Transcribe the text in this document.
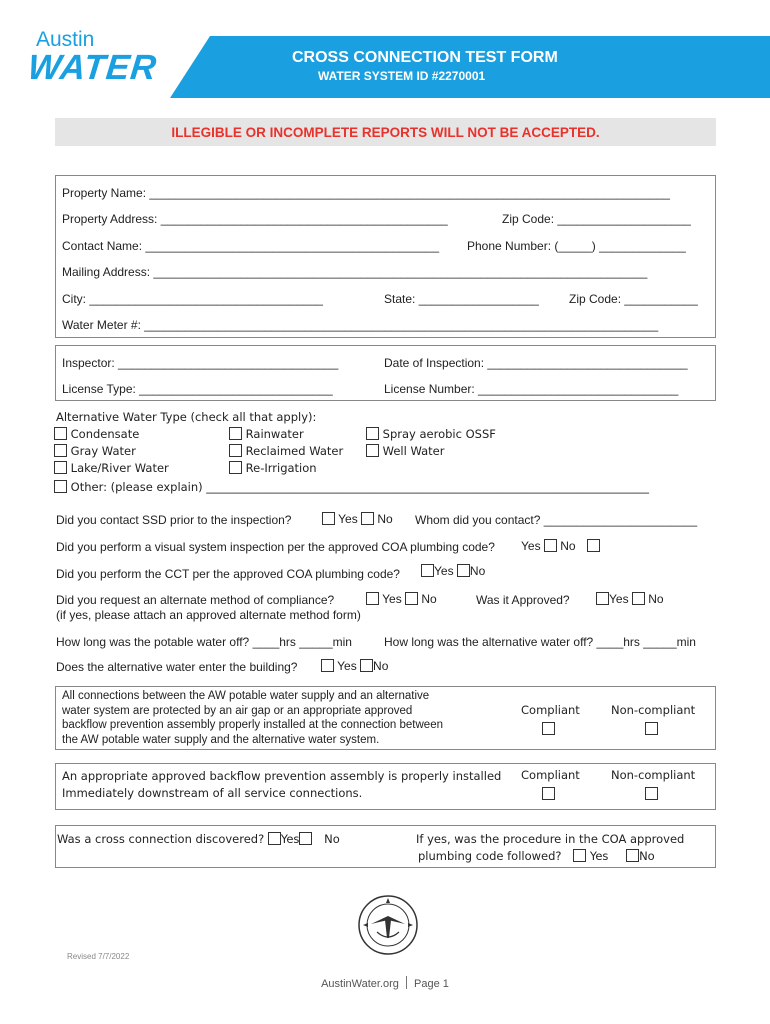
Austin
WATER	CROSS CONNECTION TEST FORM
WATER SYSTEM ID #2270001
ILLEGIBLE OR INCOMPLETE REPORTS WILL NOT BE ACCEPTED.
Property Name: ______________________________________________________________________________
Property Address: ___________________________________________	Zip Code: ____________________
Contact Name: ____________________________________________ Phone Number: (_____) _____________
Mailing Address: __________________________________________________________________________
City: ___________________________________	State: __________________	Zip Code: ___________
Water Meter #: _____________________________________________________________________________
Inspector: _________________________________	Date of Inspection: ______________________________
License Type: _____________________________	License Number: ______________________________
Alternative Water Type (check all that apply):
Condensate
Gray Water
Lake/River Water
Rainwater
Reclaimed Water
Re-Irrigation
Spray aerobic OSSF
Well Water
Other: (please explain) _____________________________________________________________________________
Did you contact SSD prior to the inspection?	Yes No Whom did you contact? _______________________
Did you perform a visual system inspection per the approved COA plumbing code? Yes No
Did you perform the CCT per the approved COA plumbing code?	Yes No
Did you request an alternate method of compliance?
(if yes, please attach an approved alternate method form)
Yes No	Was it Approved?	Yes No
How long was the potable water off? ____hrs _____min	How long was the alternative water off? ____hrs _____min
Does the alternative water enter the building?	Yes No
All connections between the AW potable water supply and an alternative
water system are protected by an air gap or an appropriate approved
backflow prevention assembly properly installed at the connection between
the AW potable water supply and the alternative water system.
Compliant	Non-compliant
An appropriate approved backflow prevention assembly is properly installed
Immediately downstream of all service connections.
Compliant	Non-compliant
Was a cross connection discovered? Yes No	If yes, was the procedure in the COA approved
plumbing code followed? Yes	No
Revised 7/7/2022
AustinWater.org Page 1
